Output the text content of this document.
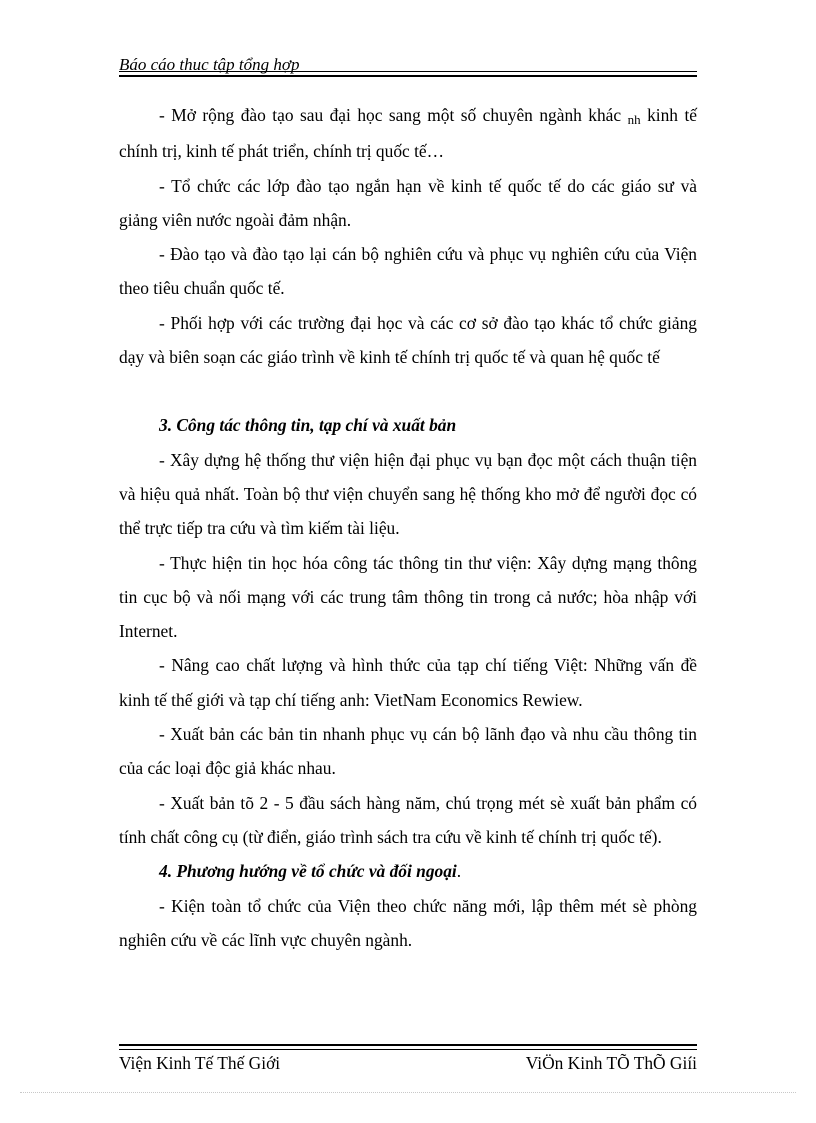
Báo cáo thuc tập tổng hợp

- Mở rộng đào tạo sau đại học sang một số chuyên ngành khác nh kinh tế chính trị, kinh tế phát triển, chính trị quốc tế…

- Tổ chức các lớp đào tạo ngắn hạn về kinh tế quốc tế do các giáo sư và giảng viên nước ngoài đảm nhận.

- Đào tạo và đào tạo lại cán bộ nghiên cứu và phục vụ nghiên cứu của Viện theo tiêu chuẩn quốc tế.

- Phối hợp với các trường đại học và các cơ sở đào tạo khác tổ chức giảng dạy và biên soạn các giáo trình về kinh tế chính trị quốc tế và quan hệ quốc tế

3. Công tác thông tin, tạp chí và xuất bản

- Xây dựng hệ thống thư viện hiện đại phục vụ bạn đọc một cách thuận tiện và hiệu quả nhất. Toàn bộ thư viện chuyển sang hệ thống kho mở để người đọc có thể trực tiếp tra cứu và tìm kiếm tài liệu.

- Thực hiện tin học hóa công tác thông tin thư viện: Xây dựng mạng thông tin cục bộ và nối mạng với các trung tâm thông tin trong cả nước; hòa nhập với Internet.

- Nâng cao chất lượng và hình thức của tạp chí tiếng Việt: Những vấn đề kinh tế thế giới và tạp chí tiếng anh: VietNam Economics Rewiew.

- Xuất bản các bản tin nhanh phục vụ cán bộ lãnh đạo và nhu cầu thông tin của các loại độc giả khác nhau.

- Xuất bản tõ 2 - 5 đầu sách hàng năm, chú trọng mét sè xuất bản phẩm có tính chất công cụ (từ điển, giáo trình sách tra cứu về kinh tế chính trị quốc tế).

4. Phương hướng về tổ chức và đối ngoại.

- Kiện toàn tổ chức của Viện theo chức năng mới, lập thêm mét sè phòng nghiên cứu về các lĩnh vực chuyên ngành.

Viện Kinh Tế Thế Giới	ViÖn Kinh TÕ ThÕ Giíi
